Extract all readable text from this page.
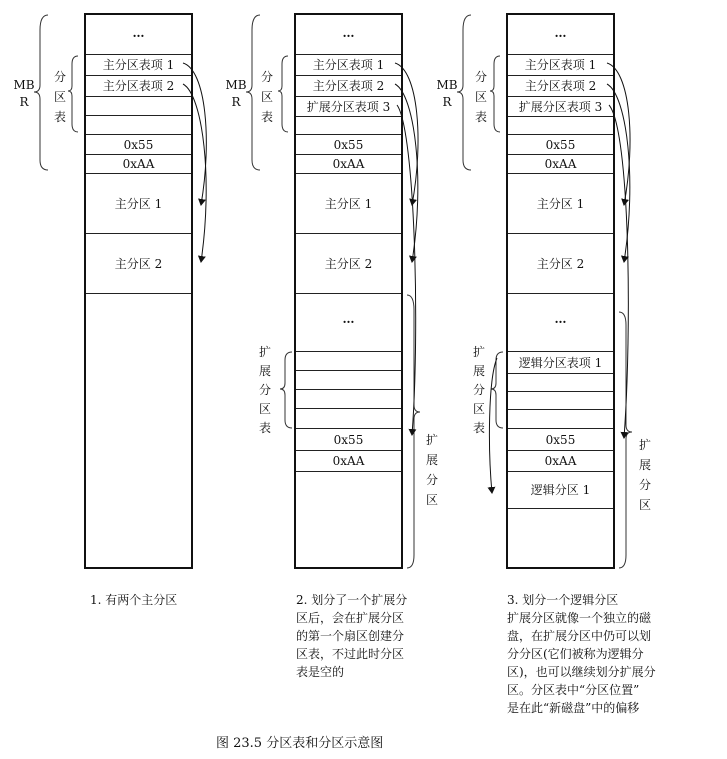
…
主分区表项 1
主分区表项 2
0x55
0xAA
主分区 1
主分区 2
…
主分区表项 1
主分区表项 2
扩展分区表项 3
0x55
0xAA
主分区 1
主分区 2
…
0x55
0xAA
…
主分区表项 1
主分区表项 2
扩展分区表项 3
0x55
0xAA
主分区 1
主分区 2
…
逻辑分区表项 1
0x55
0xAA
逻辑分区 1
MB
R
MB
R
MB
R
分
区
表
分
区
表
分
区
表
扩
展
分
区
表
扩
展
分
区
表
扩
展
分
区
扩
展
分
区
1. 有两个主分区	2. 划分了一个扩展分
区后，会在扩展分区
的第一个扇区创建分
区表，不过此时分区
表是空的
3. 划分一个逻辑分区
扩展分区就像一个独立的磁
盘，在扩展分区中仍可以划
分分区(它们被称为逻辑分
区)，也可以继续划分扩展分
区。分区表中“分区位置”
是在此“新磁盘”中的偏移
图 23.5 分区表和分区示意图
